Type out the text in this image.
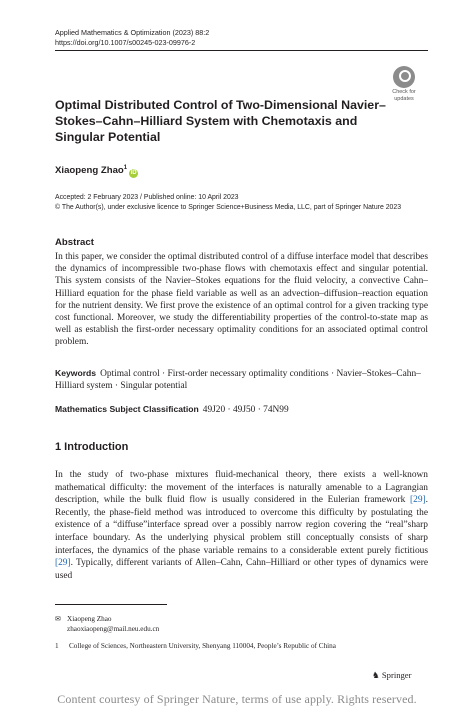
Applied Mathematics & Optimization (2023) 88:2
https://doi.org/10.1007/s00245-023-09976-2
Check for
updates
Optimal Distributed Control of Two-Dimensional Navier–Stokes–Cahn–Hilliard System with Chemotaxis and Singular Potential
Xiaopeng Zhao$^1$iD
Accepted: 2 February 2023 / Published online: 10 April 2023
© The Author(s), under exclusive licence to Springer Science+Business Media, LLC, part of Springer Nature 2023
Abstract
In this paper, we consider the optimal distributed control of a diffuse interface model that describes the dynamics of incompressible two-phase flows with chemotaxis effect and singular potential. This system consists of the Navier–Stokes equations for the fluid velocity, a convective Cahn–Hilliard equation for the phase field variable as well as an advection–diffusion–reaction equation for the nutrient density. We first prove the existence of an optimal control for a given tracking type cost functional. Moreover, we study the differentiability properties of the control-to-state map as well as establish the first-order necessary optimality conditions for an associated optimal control problem.
Keywords Optimal control · First-order necessary optimality conditions · Navier–Stokes–Cahn–Hilliard system · Singular potential
Mathematics Subject Classification 49J20 · 49J50 · 74N99
1 Introduction
In the study of two-phase mixtures fluid-mechanical theory, there exists a well-known mathematical difficulty: the movement of the interfaces is naturally amenable to a Lagrangian description, while the bulk fluid flow is usually considered in the Eulerian framework [29]. Recently, the phase-field method was introduced to overcome this difficulty by postulating the existence of a “diffuse”interface spread over a possibly narrow region covering the “real”sharp interface boundary. As the underlying physical problem still conceptually consists of sharp interfaces, the dynamics of the phase variable remains to a considerable extent purely fictitious [29]. Typically, different variants of Allen–Cahn, Cahn–Hilliard or other types of dynamics were used
✉ Xiaopeng Zhao
zhaoxiaopeng@mail.neu.edu.cn
1 College of Sciences, Northeastern University, Shenyang 110004, People’s Republic of China
♞ Springer
Content courtesy of Springer Nature, terms of use apply. Rights reserved.
